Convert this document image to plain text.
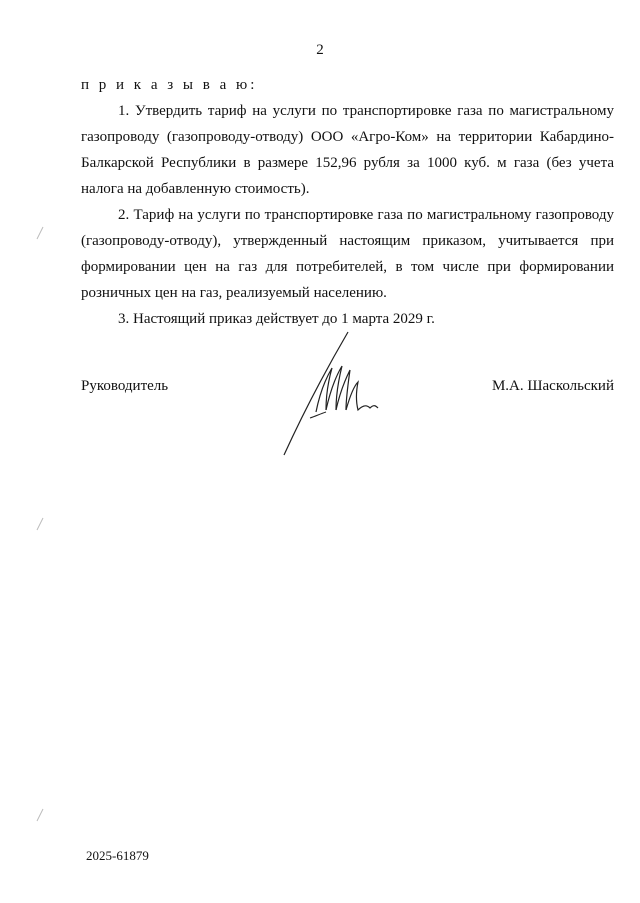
2

п р и к а з ы в а ю:

1. Утвердить тариф на услуги по транспортировке газа по магистральному газопроводу (газопроводу-отводу) ООО «Агро-Ком» на территории Кабардино-Балкарской Республики в размере 152,96 рубля за 1000 куб. м газа (без учета налога на добавленную стоимость).

2. Тариф на услуги по транспортировке газа по магистральному газопроводу (газопроводу-отводу), утвержденный настоящим приказом, учитывается при формировании цен на газ для потребителей, в том числе при формировании розничных цен на газ, реализуемый населению.

3. Настоящий приказ действует до 1 марта 2029 г.

Руководитель	М.А. Шаскольский
2025-61879
